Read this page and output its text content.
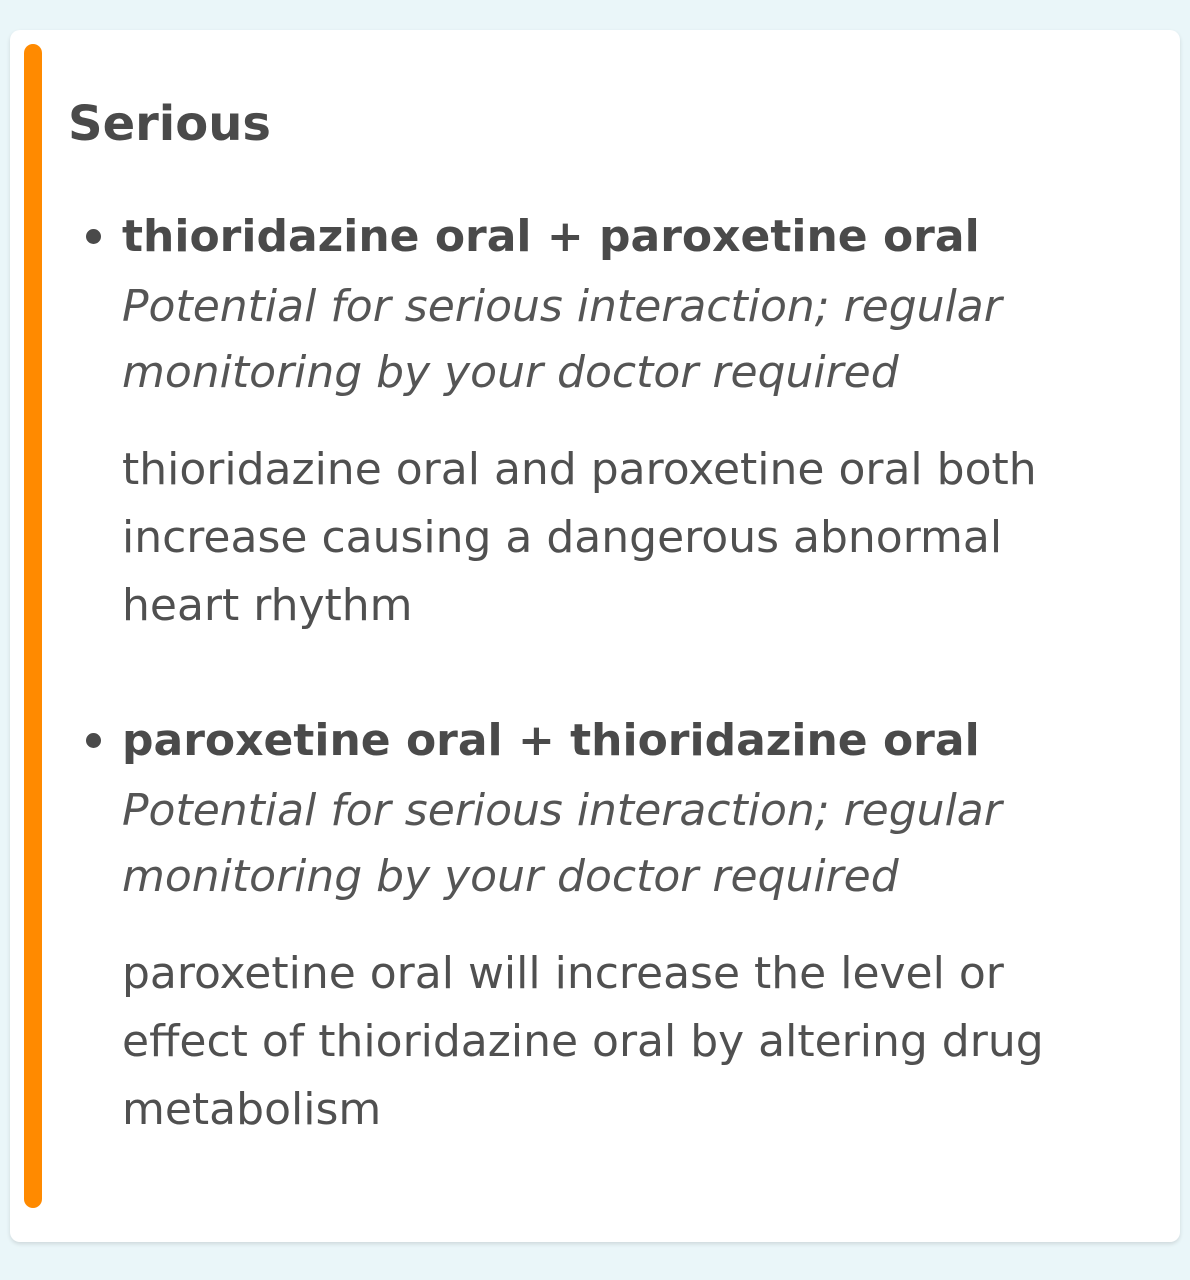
Serious
thioridazine oral + paroxetine oral
Potential for serious interaction; regular monitoring by your doctor required
thioridazine oral and paroxetine oral both increase causing a dangerous abnormal heart rhythm
paroxetine oral + thioridazine oral
Potential for serious interaction; regular monitoring by your doctor required
paroxetine oral will increase the level or effect of thioridazine oral by altering drug metabolism
